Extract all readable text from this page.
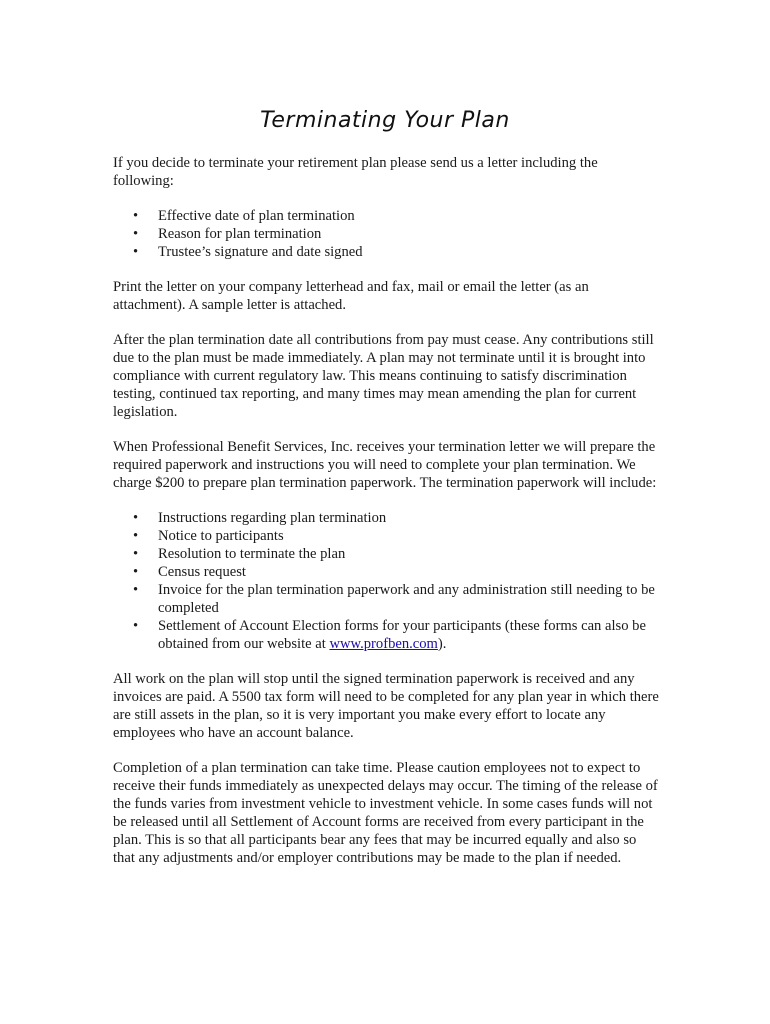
Terminating Your Plan

If you decide to terminate your retirement plan please send us a letter including the following:

• Effective date of plan termination
• Reason for plan termination
• Trustee’s signature and date signed

Print the letter on your company letterhead and fax, mail or email the letter (as an attachment). A sample letter is attached.

After the plan termination date all contributions from pay must cease. Any contributions still due to the plan must be made immediately. A plan may not terminate until it is brought into compliance with current regulatory law. This means continuing to satisfy discrimination testing, continued tax reporting, and many times may mean amending the plan for current legislation.

When Professional Benefit Services, Inc. receives your termination letter we will prepare the required paperwork and instructions you will need to complete your plan termination. We charge $200 to prepare plan termination paperwork. The termination paperwork will include:

• Instructions regarding plan termination
• Notice to participants
• Resolution to terminate the plan
• Census request
• Invoice for the plan termination paperwork and any administration still needing to be completed
• Settlement of Account Election forms for your participants (these forms can also be obtained from our website at www.profben.com).

All work on the plan will stop until the signed termination paperwork is received and any invoices are paid. A 5500 tax form will need to be completed for any plan year in which there are still assets in the plan, so it is very important you make every effort to locate any employees who have an account balance.

Completion of a plan termination can take time. Please caution employees not to expect to receive their funds immediately as unexpected delays may occur. The timing of the release of the funds varies from investment vehicle to investment vehicle. In some cases funds will not be released until all Settlement of Account forms are received from every participant in the plan. This is so that all participants bear any fees that may be incurred equally and also so that any adjustments and/or employer contributions may be made to the plan if needed.
